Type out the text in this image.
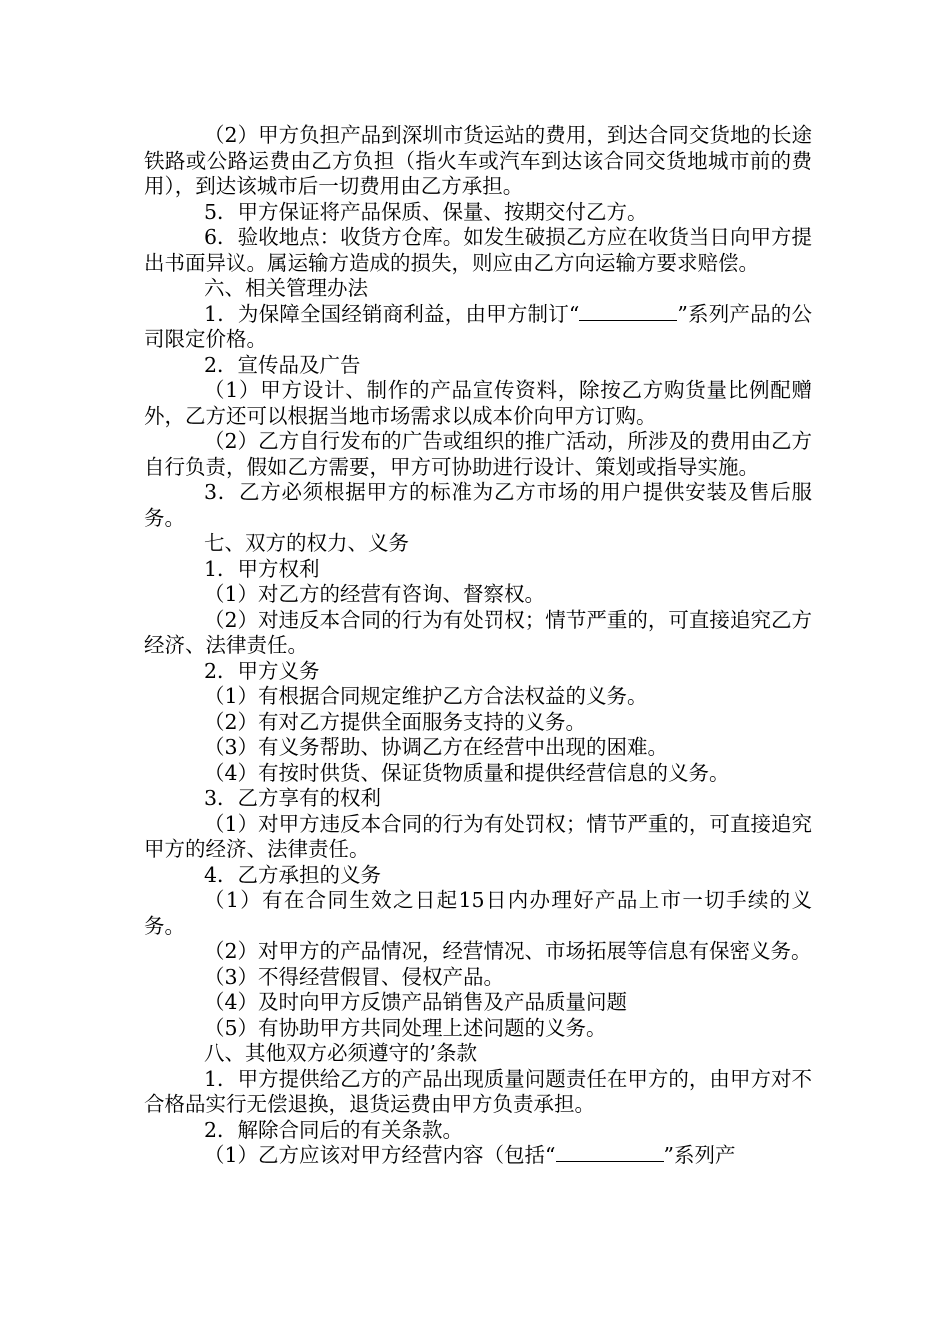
（2）甲方负担产品到深圳市货运站的费用，到达合同交货地的长途铁路或公路运费由乙方负担（指火车或汽车到达该合同交货地城市前的费用），到达该城市后一切费用由乙方承担。

5．甲方保证将产品保质、保量、按期交付乙方。

6．验收地点：收货方仓库。如发生破损乙方应在收货当日向甲方提出书面异议。属运输方造成的损失，则应由乙方向运输方要求赔偿。

六、相关管理办法

1．为保障全国经销商利益，由甲方制订“	”系列产品的公司限定价格。

2．宣传品及广告

（1）甲方设计、制作的产品宣传资料，除按乙方购货量比例配赠外，乙方还可以根据当地市场需求以成本价向甲方订购。

（2）乙方自行发布的广告或组织的推广活动，所涉及的费用由乙方自行负责，假如乙方需要，甲方可协助进行设计、策划或指导实施。

3．乙方必须根据甲方的标准为乙方市场的用户提供安装及售后服务。

七、双方的权力、义务

1．甲方权利

（1）对乙方的经营有咨询、督察权。

（2）对违反本合同的行为有处罚权；情节严重的，可直接追究乙方经济、法律责任。

2．甲方义务

（1）有根据合同规定维护乙方合法权益的义务。

（2）有对乙方提供全面服务支持的义务。

（3）有义务帮助、协调乙方在经营中出现的困难。

（4）有按时供货、保证货物质量和提供经营信息的义务。

3．乙方享有的权利

（1）对甲方违反本合同的行为有处罚权；情节严重的，可直接追究甲方的经济、法律责任。

4．乙方承担的义务

（1）有在合同生效之日起15日内办理好产品上市一切手续的义务。

（2）对甲方的产品情况，经营情况、市场拓展等信息有保密义务。

（3）不得经营假冒、侵权产品。

（4）及时向甲方反馈产品销售及产品质量问题

（5）有协助甲方共同处理上述问题的义务。

八、其他双方必须遵守的’条款

1．甲方提供给乙方的产品出现质量问题责任在甲方的，由甲方对不合格品实行无偿退换，退货运费由甲方负责承担。

2．解除合同后的有关条款。

（1）乙方应该对甲方经营内容（包括“	”系列产
